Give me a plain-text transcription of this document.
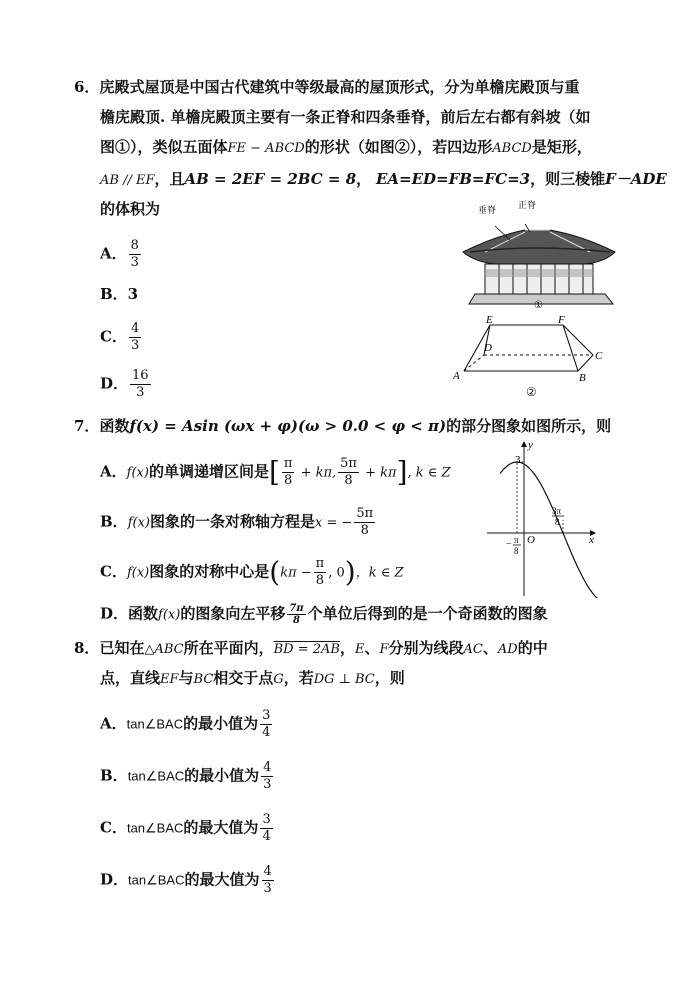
6．庑殿式屋顶是中国古代建筑中等级最高的屋顶形式，分为单檐庑殿顶与重
檐庑殿顶. 单檐庑殿顶主要有一条正脊和四条垂脊，前后左右都有斜坡（如
图①），类似五面体FE − ABCD的形状（如图②），若四边形ABCD是矩形，
AB // EF，且AB = 2EF = 2BC = 8， EA=ED=FB=FC=3，则三棱锥F－ADE
的体积为
A． $\frac{8}{3}$
B．3
C． $\frac{4}{3}$
D． $\frac{16}{3}$
垂脊 正脊
①
E	F
D
C
A	B
②
7．函数f(x) = Asin (ωx + φ)(ω > 0.0 < φ < π)的部分图象如图所示，则
A．f(x)的单调递增区间是[ $\frac{\pi}{8} + k\pi$, $\frac{5\pi}{8} + k\pi$], k ∈ Z
B．f(x)图象的一条对称轴方程是x = − $\frac{5\pi}{8}$
C．f(x)图象的对称中心是($k\pi - \frac{\pi}{8}$ , 0)，k ∈ Z
D．函数f(x)的图象向左平移 $\frac{7\pi}{8}$ 个单位后得到的是一个奇函数的图象
y
x
3
O
− π
8
3π
8
8．已知在△ABC所在平面内，BD = 2AB，E、F分别为线段AC、AD的中
点，直线EF与BC相交于点G，若DG ⊥ BC，则
A．tan∠BAC的最小值为 $\frac{3}{4}$
B．tan∠BAC的最小值为 $\frac{4}{3}$
C．tan∠BAC的最大值为 $\frac{3}{4}$
D．tan∠BAC的最大值为 $\frac{4}{3}$
